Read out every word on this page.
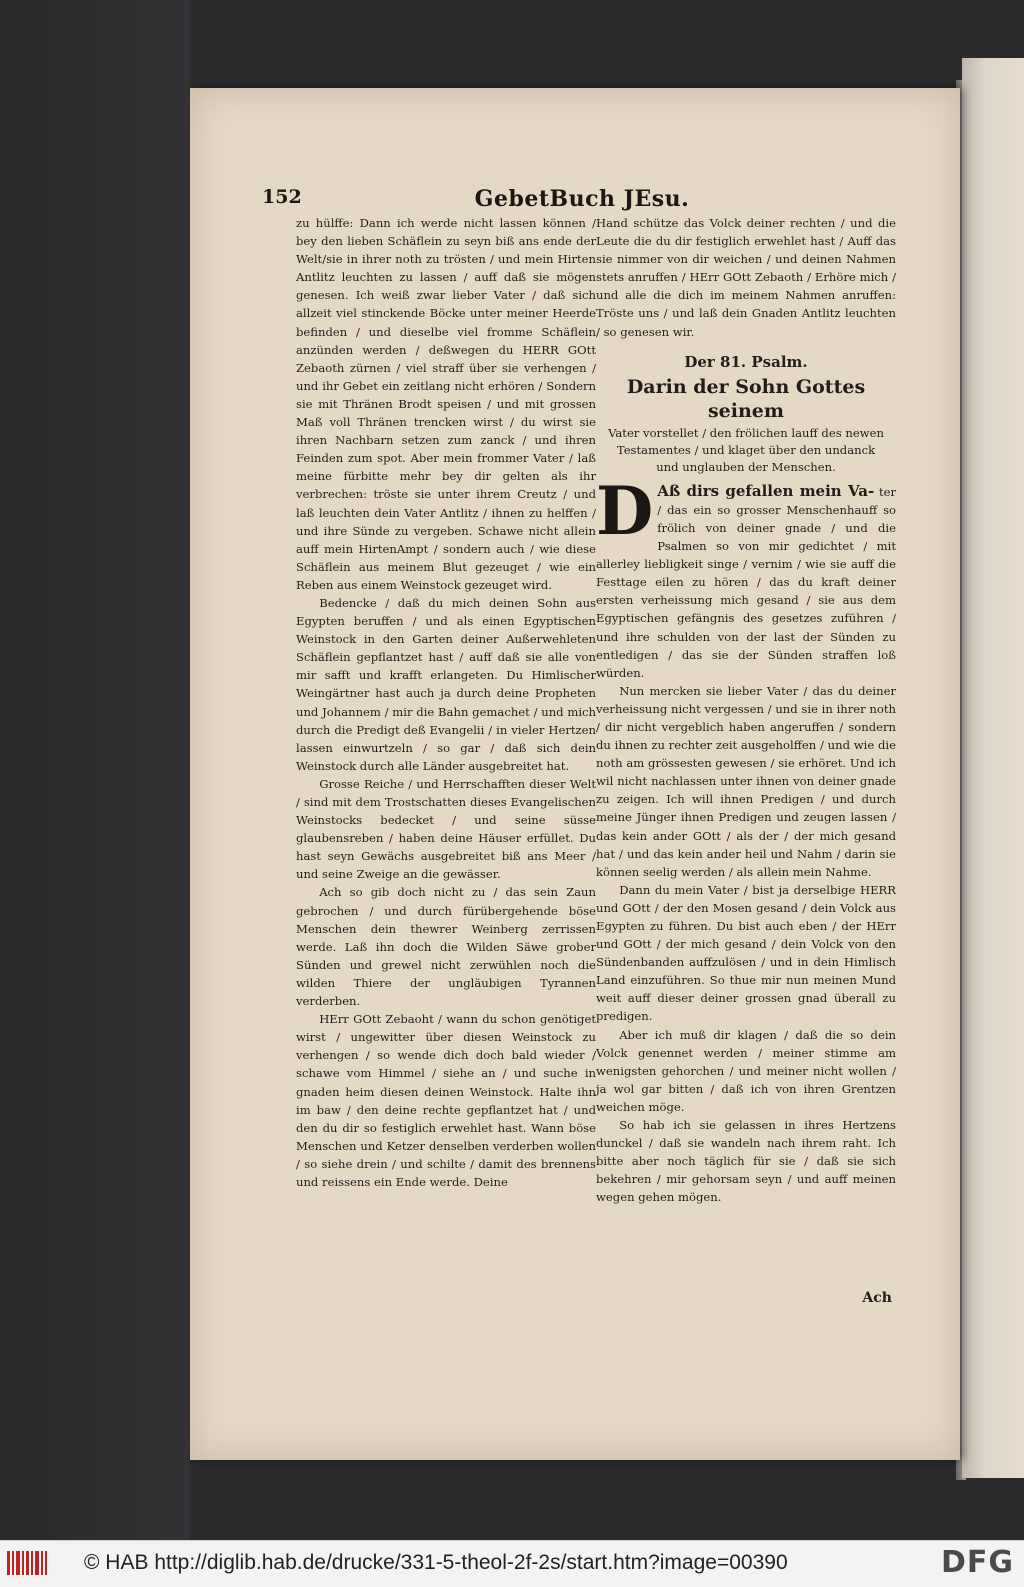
152	GebetBuch JEsu.

zu hülffe: Dann ich werde nicht lassen können / bey den lieben Schäflein zu seyn biß ans ende der Welt/sie in ihrer noth zu trösten / und mein Hirten Antlitz leuchten zu lassen / auff daß sie mögen genesen. Ich weiß zwar lieber Vater / daß sich allzeit viel stinckende Böcke unter meiner Heerde befinden / und dieselbe viel fromme Schäflein anzünden werden / deßwegen du HERR GOtt Zebaoth zürnen / viel straff über sie verhengen / und ihr Gebet ein zeitlang nicht erhören / Sondern sie mit Thränen Brodt speisen / und mit grossen Maß voll Thränen trencken wirst / du wirst sie ihren Nachbarn setzen zum zanck / und ihren Feinden zum spot. Aber mein frommer Vater / laß meine fürbitte mehr bey dir gelten als ihr verbrechen: tröste sie unter ihrem Creutz / und laß leuchten dein Vater Antlitz / ihnen zu helffen / und ihre Sünde zu vergeben. Schawe nicht allein auff mein HirtenAmpt / sondern auch / wie diese Schäflein aus meinem Blut gezeuget / wie ein Reben aus einem Weinstock gezeuget wird.

Bedencke / daß du mich deinen Sohn aus Egypten beruffen / und als einen Egyptischen Weinstock in den Garten deiner Außerwehleten Schäflein gepflantzet hast / auff daß sie alle von mir safft und krafft erlangeten. Du Himlischer Weingärtner hast auch ja durch deine Propheten und Johannem / mir die Bahn gemachet / und mich durch die Predigt deß Evangelii / in vieler Hertzen lassen einwurtzeln / so gar / daß sich dein Weinstock durch alle Länder ausgebreitet hat.

Grosse Reiche / und Herrschafften dieser Welt / sind mit dem Trostschatten dieses Evangelischen Weinstocks bedecket / und seine süsse glaubensreben / haben deine Häuser erfüllet. Du hast seyn Gewächs ausgebreitet biß ans Meer / und seine Zweige an die gewässer.

Ach so gib doch nicht zu / das sein Zaun gebrochen / und durch fürübergehende böse Menschen dein thewrer Weinberg zerrissen werde. Laß ihn doch die Wilden Säwe grober Sünden und grewel nicht zerwühlen noch die wilden Thiere der ungläubigen Tyrannen verderben.

HErr GOtt Zebaoht / wann du schon genötiget wirst / ungewitter über diesen Weinstock zu verhengen / so wende dich doch bald wieder / schawe vom Himmel / siehe an / und suche in gnaden heim diesen deinen Weinstock. Halte ihn im baw / den deine rechte gepflantzet hat / und den du dir so festiglich erwehlet hast. Wann böse Menschen und Ketzer denselben verderben wollen / so siehe drein / und schilte / damit des brennens und reissens ein Ende werde. Deine

Hand schütze das Volck deiner rechten / und die Leute die du dir festiglich erwehlet hast / Auff das sie nimmer von dir weichen / und deinen Nahmen stets anruffen / HErr GOtt Zebaoth / Erhöre mich / und alle die dich im meinem Nahmen anruffen: Tröste uns / und laß dein Gnaden Antlitz leuchten / so genesen wir.

Der 81. Psalm.

Darin der Sohn Gottes seinem

Vater vorstellet / den frölichen lauff des newen Testamentes / und klaget über den undanck und unglauben der Menschen.

D Aß dirs gefallen mein Va- ter / das ein so grosser Menschenhauff so frölich von deiner gnade / und die Psalmen so von mir gedichtet / mit allerley liebligkeit singe / vernim / wie sie auff die Festtage eilen zu hören / das du kraft deiner ersten verheissung mich gesand / sie aus dem Egyptischen gefängnis des gesetzes zuführen / und ihre schulden von der last der Sünden zu entledigen / das sie der Sünden straffen loß würden.

Nun mercken sie lieber Vater / das du deiner verheissung nicht vergessen / und sie in ihrer noth / dir nicht vergeblich haben angeruffen / sondern du ihnen zu rechter zeit ausgeholffen / und wie die noth am grössesten gewesen / sie erhöret. Und ich wil nicht nachlassen unter ihnen von deiner gnade zu zeigen. Ich will ihnen Predigen / und durch meine Jünger ihnen Predigen und zeugen lassen / das kein ander GOtt / als der / der mich gesand hat / und das kein ander heil und Nahm / darin sie können seelig werden / als allein mein Nahme.

Dann du mein Vater / bist ja derselbige HERR und GOtt / der den Mosen gesand / dein Volck aus Egypten zu führen. Du bist auch eben / der HErr und GOtt / der mich gesand / dein Volck von den Sündenbanden auffzulösen / und in dein Himlisch Land einzuführen. So thue mir nun meinen Mund weit auff dieser deiner grossen gnad überall zu predigen.

Aber ich muß dir klagen / daß die so dein Volck genennet werden / meiner stimme am wenigsten gehorchen / und meiner nicht wollen / ja wol gar bitten / daß ich von ihren Grentzen weichen möge.

So hab ich sie gelassen in ihres Hertzens dunckel / daß sie wandeln nach ihrem raht. Ich bitte aber noch täglich für sie / daß sie sich bekehren / mir gehorsam seyn / und auff meinen wegen gehen mögen.

Ach
© HAB http://diglib.hab.de/drucke/331-5-theol-2f-2s/start.htm?image=00390	DFG
